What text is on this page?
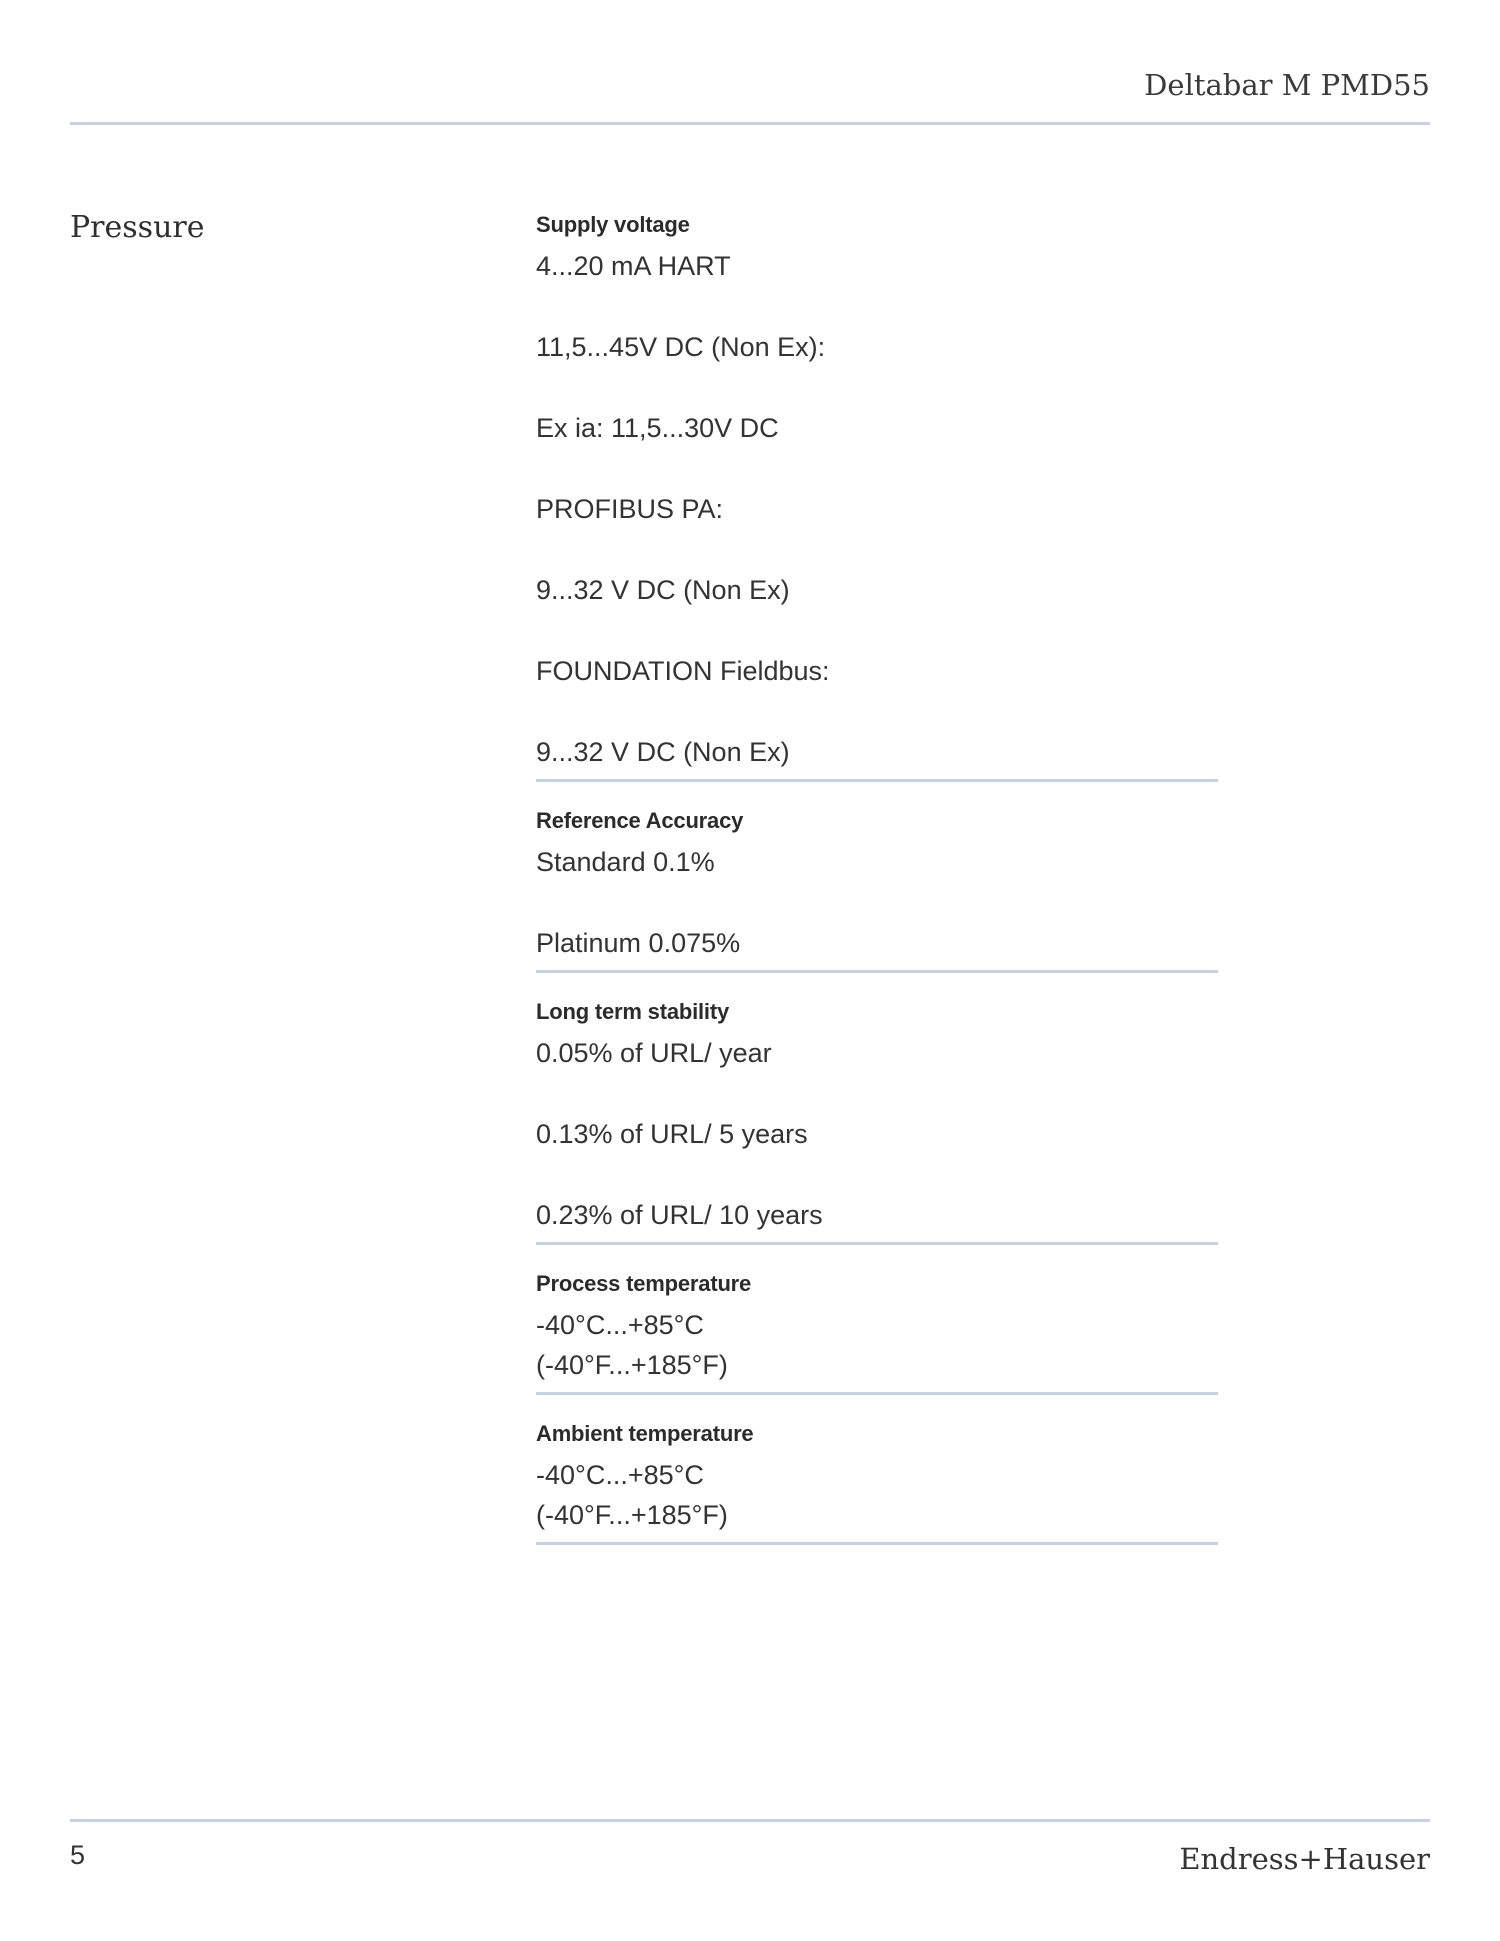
Deltabar M PMD55
Pressure	Supply voltage
4...20 mA HART
11,5...45V DC (Non Ex):
Ex ia: 11,5...30V DC
PROFIBUS PA:
9...32 V DC (Non Ex)
FOUNDATION Fieldbus:
9...32 V DC (Non Ex)
Reference Accuracy
Standard 0.1%
Platinum 0.075%
Long term stability
0.05% of URL/ year
0.13% of URL/ 5 years
0.23% of URL/ 10 years
Process temperature
-40°C...+85°C
(-40°F...+185°F)
Ambient temperature
-40°C...+85°C
(-40°F...+185°F)
5	Endress+Hauser
